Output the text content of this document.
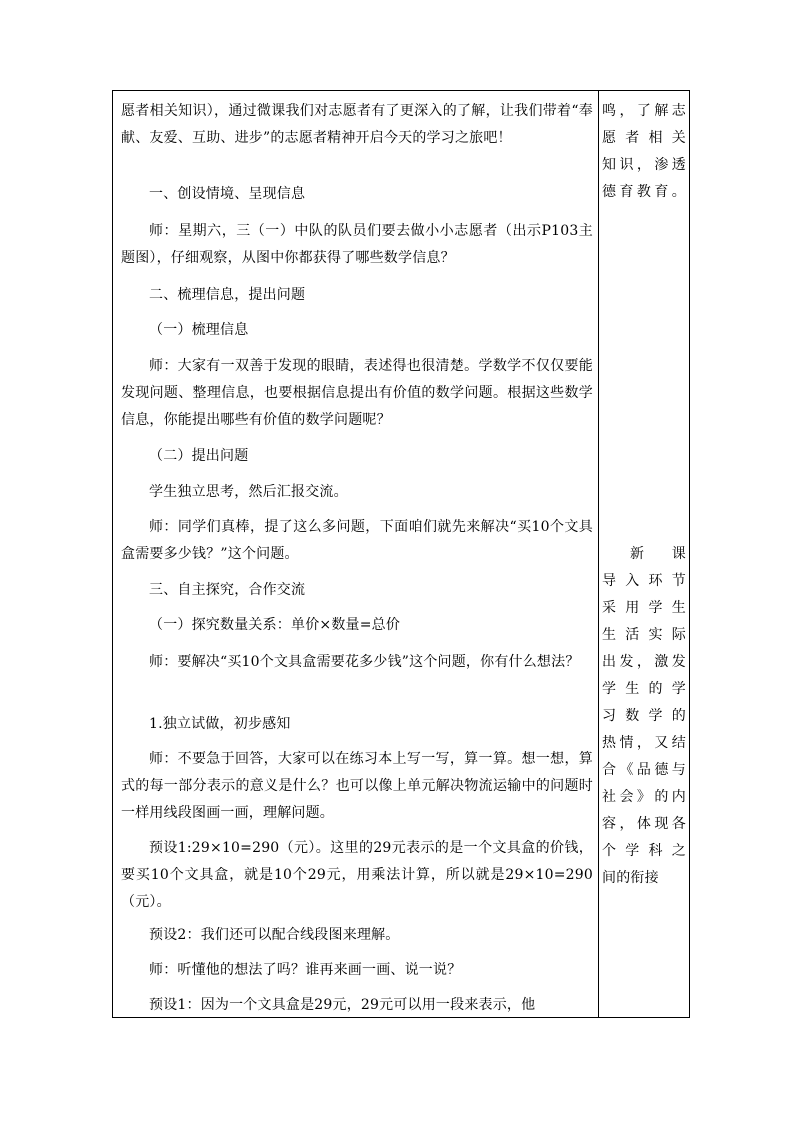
愿者相关知识），通过微课我们对志愿者有了更深入的了解，让我们带着“奉献、友爱、互助、进步”的志愿者精神开启今天的学习之旅吧！

一、创设情境、呈现信息

师：星期六，三（一）中队的队员们要去做小小志愿者（出示P103主题图），仔细观察，从图中你都获得了哪些数学信息？

二、梳理信息，提出问题

（一）梳理信息

师：大家有一双善于发现的眼睛，表述得也很清楚。学数学不仅仅要能发现问题、整理信息，也要根据信息提出有价值的数学问题。根据这些数学信息，你能提出哪些有价值的数学问题呢？

（二）提出问题

学生独立思考，然后汇报交流。

师：同学们真棒，提了这么多问题，下面咱们就先来解决“买10个文具盒需要多少钱？”这个问题。

三、自主探究，合作交流

（一）探究数量关系：单价×数量=总价

师：要解决“买10个文具盒需要花多少钱”这个问题，你有什么想法？

1.独立试做，初步感知

师：不要急于回答，大家可以在练习本上写一写，算一算。想一想，算式的每一部分表示的意义是什么？也可以像上单元解决物流运输中的问题时一样用线段图画一画，理解问题。

预设1:29×10=290（元）。这里的29元表示的是一个文具盒的价钱，要买10个文具盒，就是10个29元，用乘法计算，所以就是29×10=290（元）。

预设2：我们还可以配合线段图来理解。

师：听懂他的想法了吗？谁再来画一画、说一说？

预设1：因为一个文具盒是29元，29元可以用一段来表示，他

鸣，了解志
愿者相关
知识，渗透
德育教育。
新课
导入环节
采用学生
生活实际
出发，激发
学生的学
习数学的
热情，又结
合《品德与
社会》的内
容，体现各
个学科之
间的衔接
